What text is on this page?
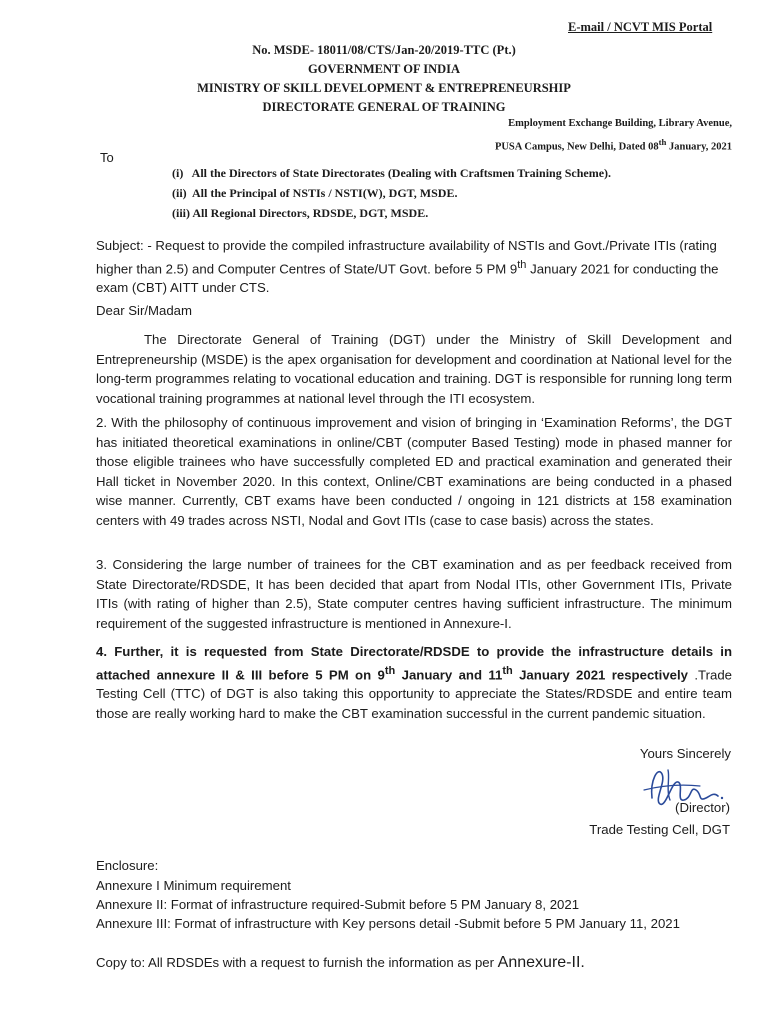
E-mail / NCVT MIS Portal
No. MSDE- 18011/08/CTS/Jan-20/2019-TTC (Pt.)
GOVERNMENT OF INDIA
MINISTRY OF SKILL DEVELOPMENT & ENTREPRENEURSHIP
DIRECTORATE GENERAL OF TRAINING
Employment Exchange Building, Library Avenue,
PUSA Campus, New Delhi, Dated 08th January, 2021
To
(i)   All the Directors of State Directorates (Dealing with Craftsmen Training Scheme).
(ii)  All the Principal of NSTIs / NSTI(W), DGT, MSDE.
(iii) All Regional Directors, RDSDE, DGT, MSDE.

Subject: - Request to provide the compiled infrastructure availability of NSTIs and Govt./Private ITIs (rating higher than 2.5) and Computer Centres of State/UT Govt. before 5 PM 9th January 2021 for conducting the exam (CBT) AITT under CTS.

Dear Sir/Madam

The Directorate General of Training (DGT) under the Ministry of Skill Development and Entrepreneurship (MSDE) is the apex organisation for development and coordination at National level for the long-term programmes relating to vocational education and training. DGT is responsible for running long term vocational training programmes at national level through the ITI ecosystem.

2. With the philosophy of continuous improvement and vision of bringing in ‘Examination Reforms’, the DGT has initiated theoretical examinations in online/CBT (computer Based Testing) mode in phased manner for those eligible trainees who have successfully completed ED and practical examination and generated their Hall ticket in November 2020. In this context, Online/CBT examinations are being conducted in a phased wise manner. Currently, CBT exams have been conducted / ongoing in 121 districts at 158 examination centers with 49 trades across NSTI, Nodal and Govt ITIs (case to case basis) across the states.

3. Considering the large number of trainees for the CBT examination and as per feedback received from State Directorate/RDSDE, It has been decided that apart from Nodal ITIs, other Government ITIs, Private ITIs (with rating of higher than 2.5), State computer centres having sufficient infrastructure. The minimum requirement of the suggested infrastructure is mentioned in Annexure-I.

4. Further, it is requested from State Directorate/RDSDE to provide the infrastructure details in attached annexure II & III before 5 PM on 9th January and 11th January 2021 respectively .Trade Testing Cell (TTC) of DGT is also taking this opportunity to appreciate the States/RDSDE and entire team those are really working hard to make the CBT examination successful in the current pandemic situation.

Yours Sincerely
(Director)
Trade Testing Cell, DGT
Enclosure:
Annexure I Minimum requirement
Annexure II: Format of infrastructure required-Submit before 5 PM January 8, 2021
Annexure III: Format of infrastructure with Key persons detail -Submit before 5 PM January 11, 2021
Copy to: All RDSDEs with a request to furnish the information as per Annexure-II.
